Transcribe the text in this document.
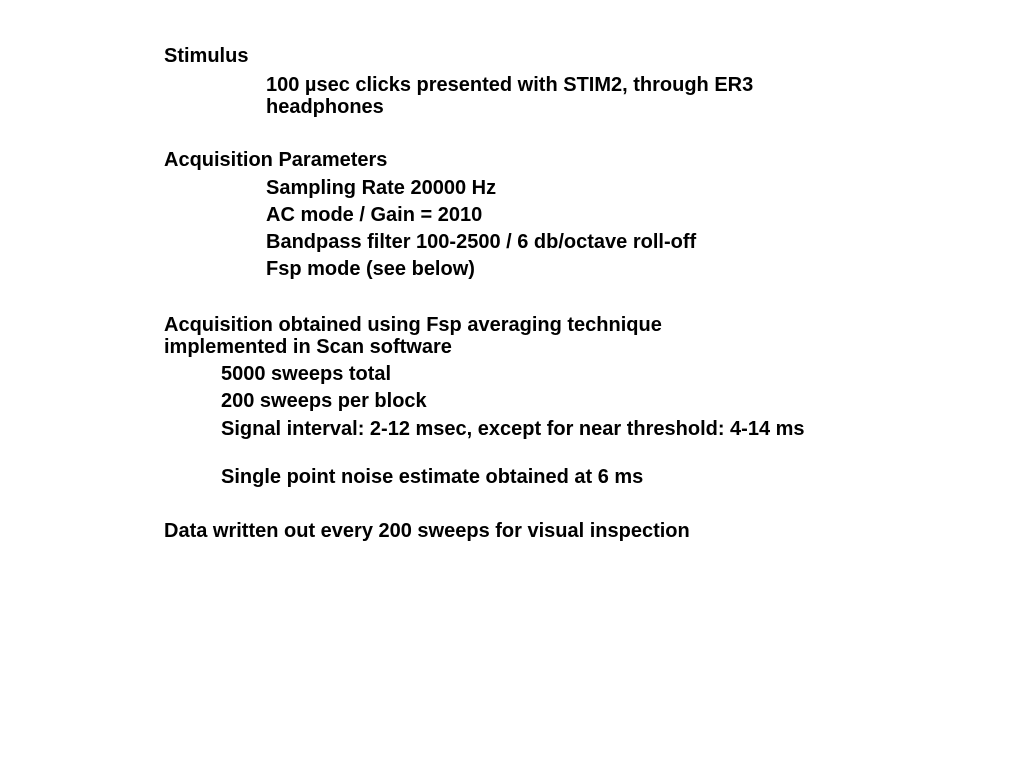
Stimulus
100 µsec clicks presented with STIM2, through ER3 headphones
Acquisition Parameters
Sampling Rate 20000 Hz
AC mode / Gain = 2010
Bandpass filter 100-2500 / 6 db/octave roll-off
Fsp mode (see below)
Acquisition obtained using Fsp averaging technique implemented in Scan software
5000 sweeps total
200 sweeps per block
Signal interval: 2-12 msec, except for near threshold: 4-14 ms
Single point noise estimate obtained at 6 ms
Data written out every 200 sweeps for visual inspection
